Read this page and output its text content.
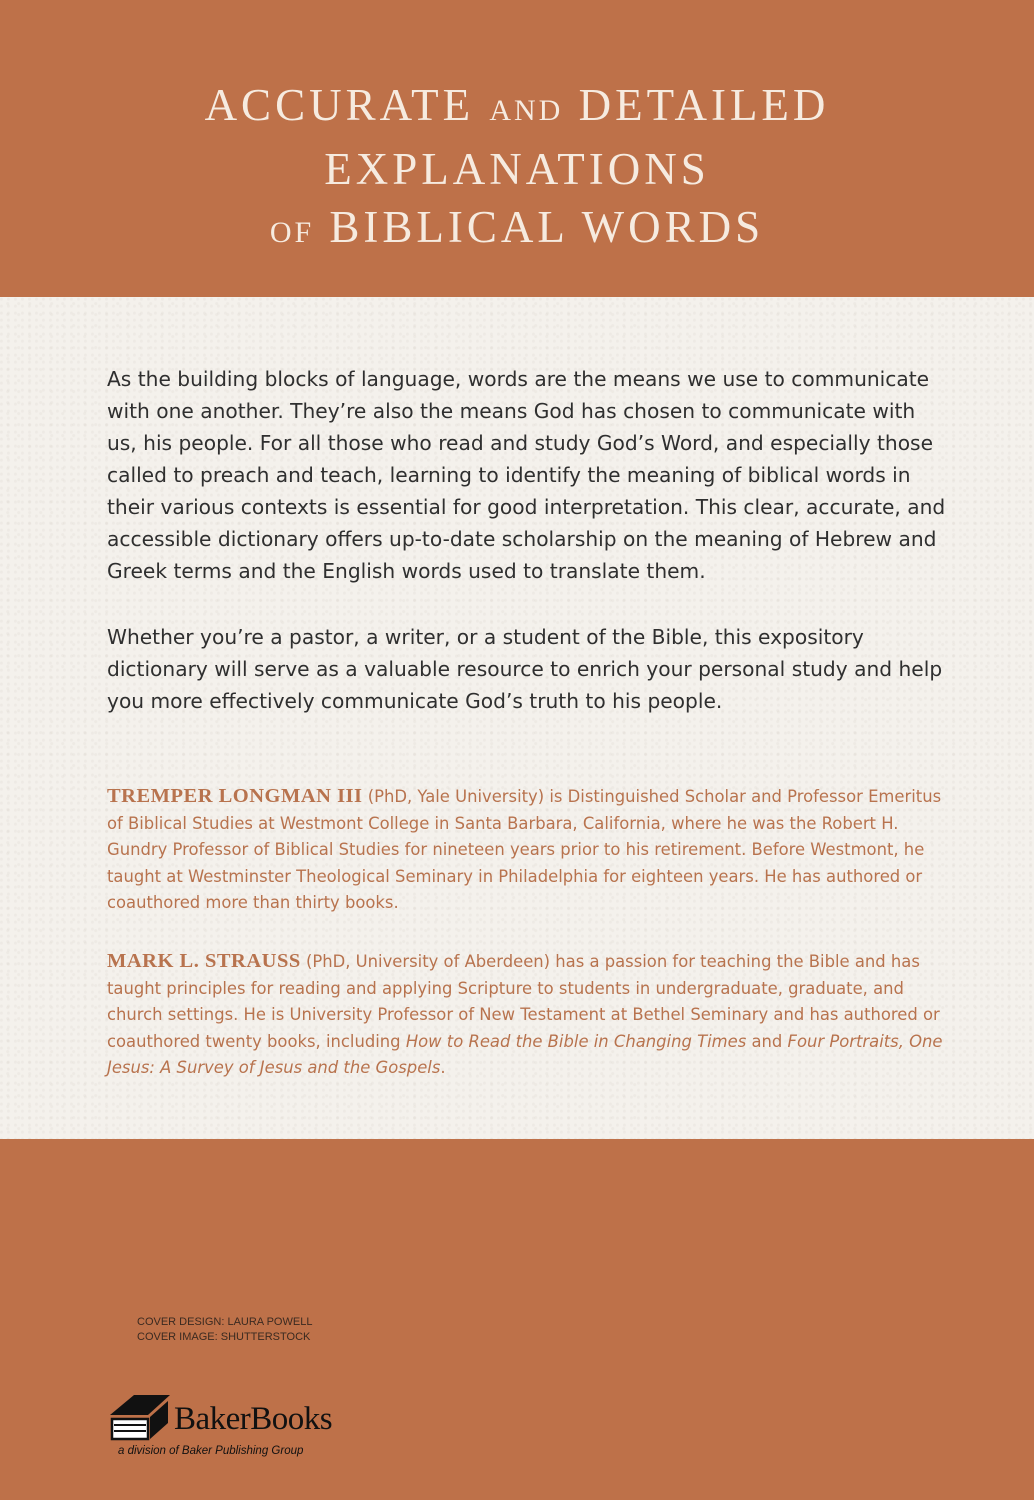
ACCURATE AND DETAILED
EXPLANATIONS
OF BIBLICAL WORDS

As the building blocks of language, words are the means we use to communicate with one another. They’re also the means God has chosen to communicate with us, his people. For all those who read and study God’s Word, and especially those called to preach and teach, learning to identify the meaning of biblical words in their various contexts is essential for good interpretation. This clear, accurate, and accessible dictionary offers up-to-date scholarship on the meaning of Hebrew and Greek terms and the English words used to translate them.

Whether you’re a pastor, a writer, or a student of the Bible, this expository dictionary will serve as a valuable resource to enrich your personal study and help you more effectively communicate God’s truth to his people.

TREMPER LONGMAN III (PhD, Yale University) is Distinguished Scholar and Professor Emeritus of Biblical Studies at Westmont College in Santa Barbara, California, where he was the Robert H. Gundry Professor of Biblical Studies for nineteen years prior to his retirement. Before Westmont, he taught at Westminster Theological Seminary in Philadelphia for eighteen years. He has authored or coauthored more than thirty books.

MARK L. STRAUSS (PhD, University of Aberdeen) has a passion for teaching the Bible and has taught principles for reading and applying Scripture to students in undergraduate, graduate, and church settings. He is University Professor of New Testament at Bethel Seminary and has authored or coauthored twenty books, including How to Read the Bible in Changing Times and Four Portraits, One Jesus: A Survey of Jesus and the Gospels.

COVER DESIGN: LAURA POWELL
COVER IMAGE: SHUTTERSTOCK
BakerBooks
a division of Baker Publishing Group
